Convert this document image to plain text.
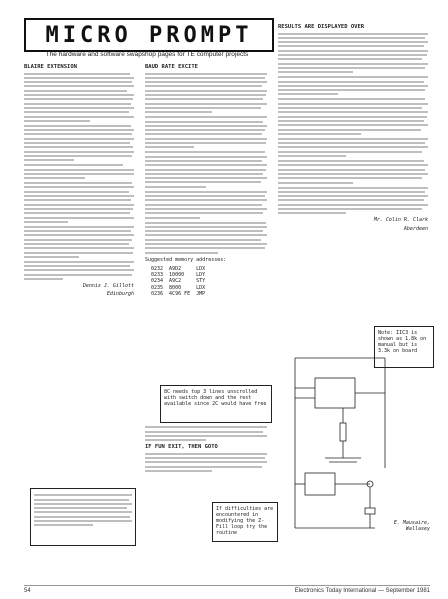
MICRO PROMPT
The hardware and software swapshop pages for TE computer projects
BLAIRE EXTENSION
Dennis J. Gillott
Edinburgh
BAUD RATE EXCITE
Suggested memory addresses:
0232	A9D2	LDX
0233	10000	LDY
0234	A9C2	STY
0235	8000	LDX
0236	4C96 FE	JMP
8C needs top 3 lines unscrolled with switch down and the rest available since 2C would have free
IF FUN EXIT, THEN GOTO
If difficulties are encountered in modifying the Z-Fill loop try the routine
RESULTS ARE DISPLAYED OVER
Mr. Colin R. Clark
Aberdeen
Note: IIC3 is shown as 1.8k on manual but is 3.3k on board
E. Mausaire, Wallasey
54	Electronics Today International — September 1981
